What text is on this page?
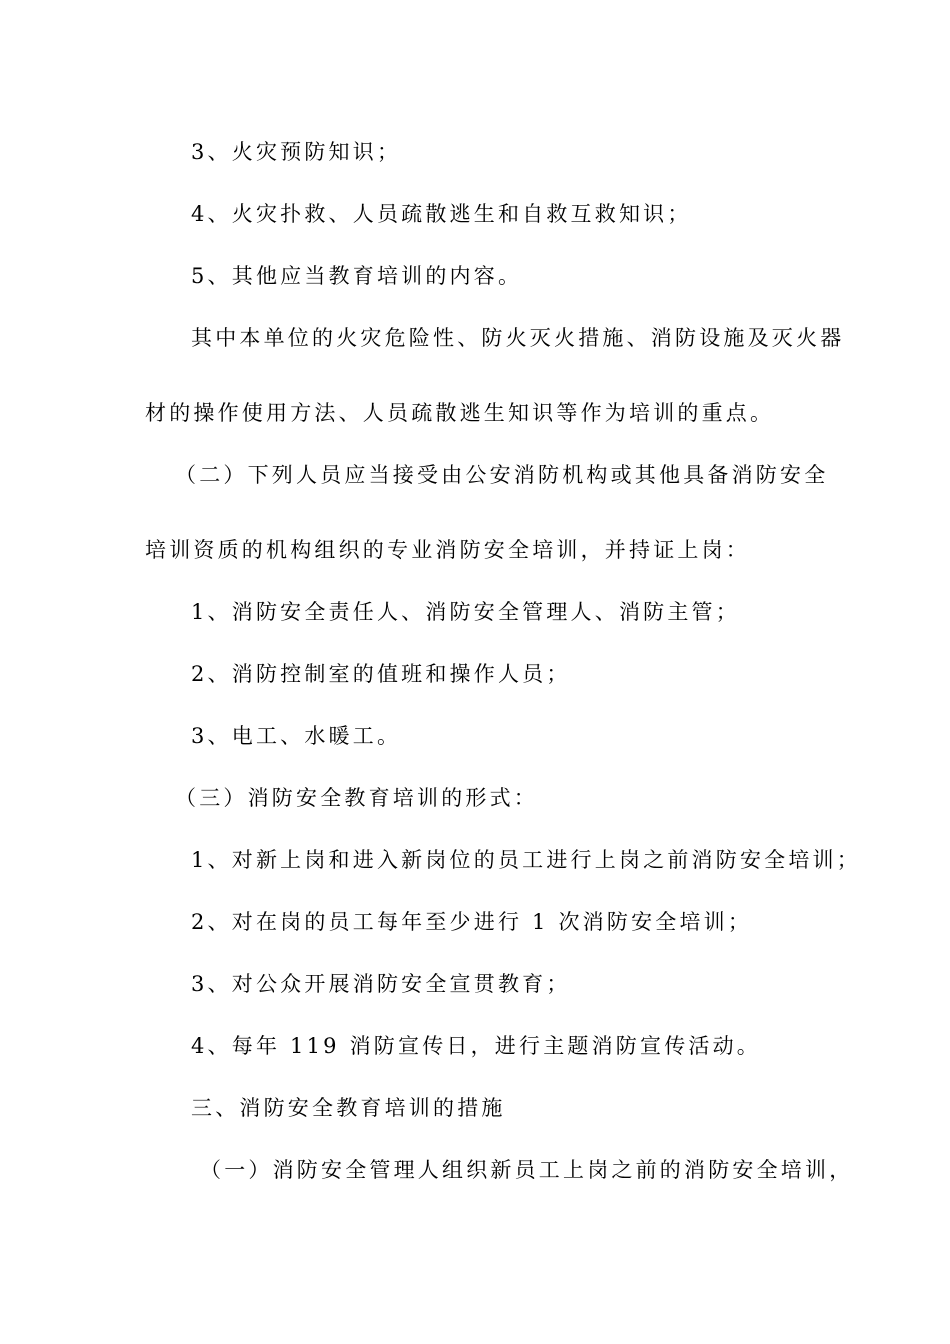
3、火灾预防知识；
4、火灾扑救、人员疏散逃生和自救互救知识；
5、其他应当教育培训的内容。
其中本单位的火灾危险性、防火灭火措施、消防设施及灭火器
材的操作使用方法、人员疏散逃生知识等作为培训的重点。
（二）下列人员应当接受由公安消防机构或其他具备消防安全
培训资质的机构组织的专业消防安全培训，并持证上岗：
1、消防安全责任人、消防安全管理人、消防主管；
2、消防控制室的值班和操作人员；
3、电工、水暖工。
（三）消防安全教育培训的形式：
1、对新上岗和进入新岗位的员工进行上岗之前消防安全培训；
2、对在岗的员工每年至少进行 1 次消防安全培训；
3、对公众开展消防安全宣贯教育；
4、每年 119 消防宣传日，进行主题消防宣传活动。
三、消防安全教育培训的措施
（一）消防安全管理人组织新员工上岗之前的消防安全培训，
